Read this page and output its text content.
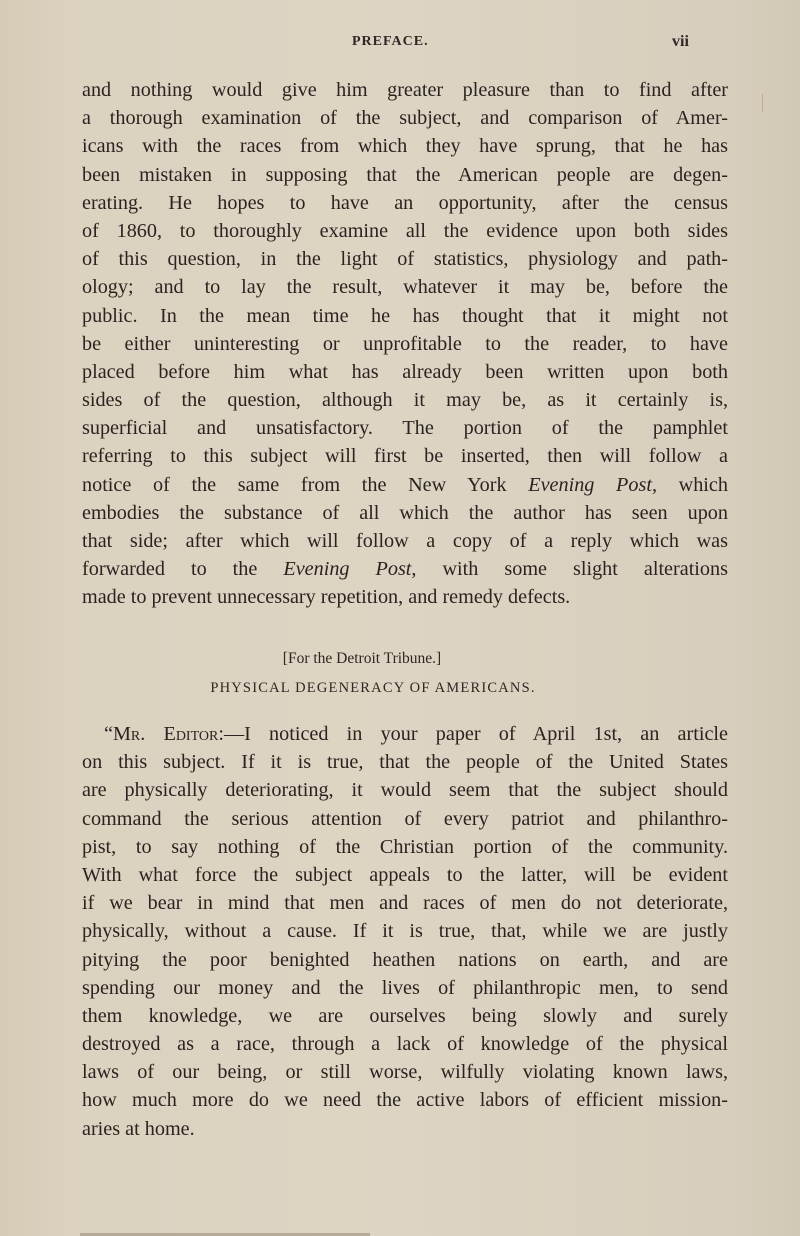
PREFACE.	vii
and nothing would give him greater pleasure than to find after
a thorough examination of the subject, and comparison of Amer-
icans with the races from which they have sprung, that he has
been mistaken in supposing that the American people are degen-
erating. He hopes to have an opportunity, after the census
of 1860, to thoroughly examine all the evidence upon both sides
of this question, in the light of statistics, physiology and path-
ology; and to lay the result, whatever it may be, before the
public. In the mean time he has thought that it might not
be either uninteresting or unprofitable to the reader, to have
placed before him what has already been written upon both
sides of the question, although it may be, as it certainly is,
superficial and unsatisfactory. The portion of the pamphlet
referring to this subject will first be inserted, then will follow a
notice of the same from the New York Evening Post, which
embodies the substance of all which the author has seen upon
that side; after which will follow a copy of a reply which was
forwarded to the Evening Post, with some slight alterations
made to prevent unnecessary repetition, and remedy defects.
[For the Detroit Tribune.]
PHYSICAL DEGENERACY OF AMERICANS.
“Mr. Editor:—I noticed in your paper of April 1st, an article
on this subject. If it is true, that the people of the United States
are physically deteriorating, it would seem that the subject should
command the serious attention of every patriot and philanthro-
pist, to say nothing of the Christian portion of the community.
With what force the subject appeals to the latter, will be evident
if we bear in mind that men and races of men do not deteriorate,
physically, without a cause. If it is true, that, while we are justly
pitying the poor benighted heathen nations on earth, and are
spending our money and the lives of philanthropic men, to send
them knowledge, we are ourselves being slowly and surely
destroyed as a race, through a lack of knowledge of the physical
laws of our being, or still worse, wilfully violating known laws,
how much more do we need the active labors of efficient mission-
aries at home.
